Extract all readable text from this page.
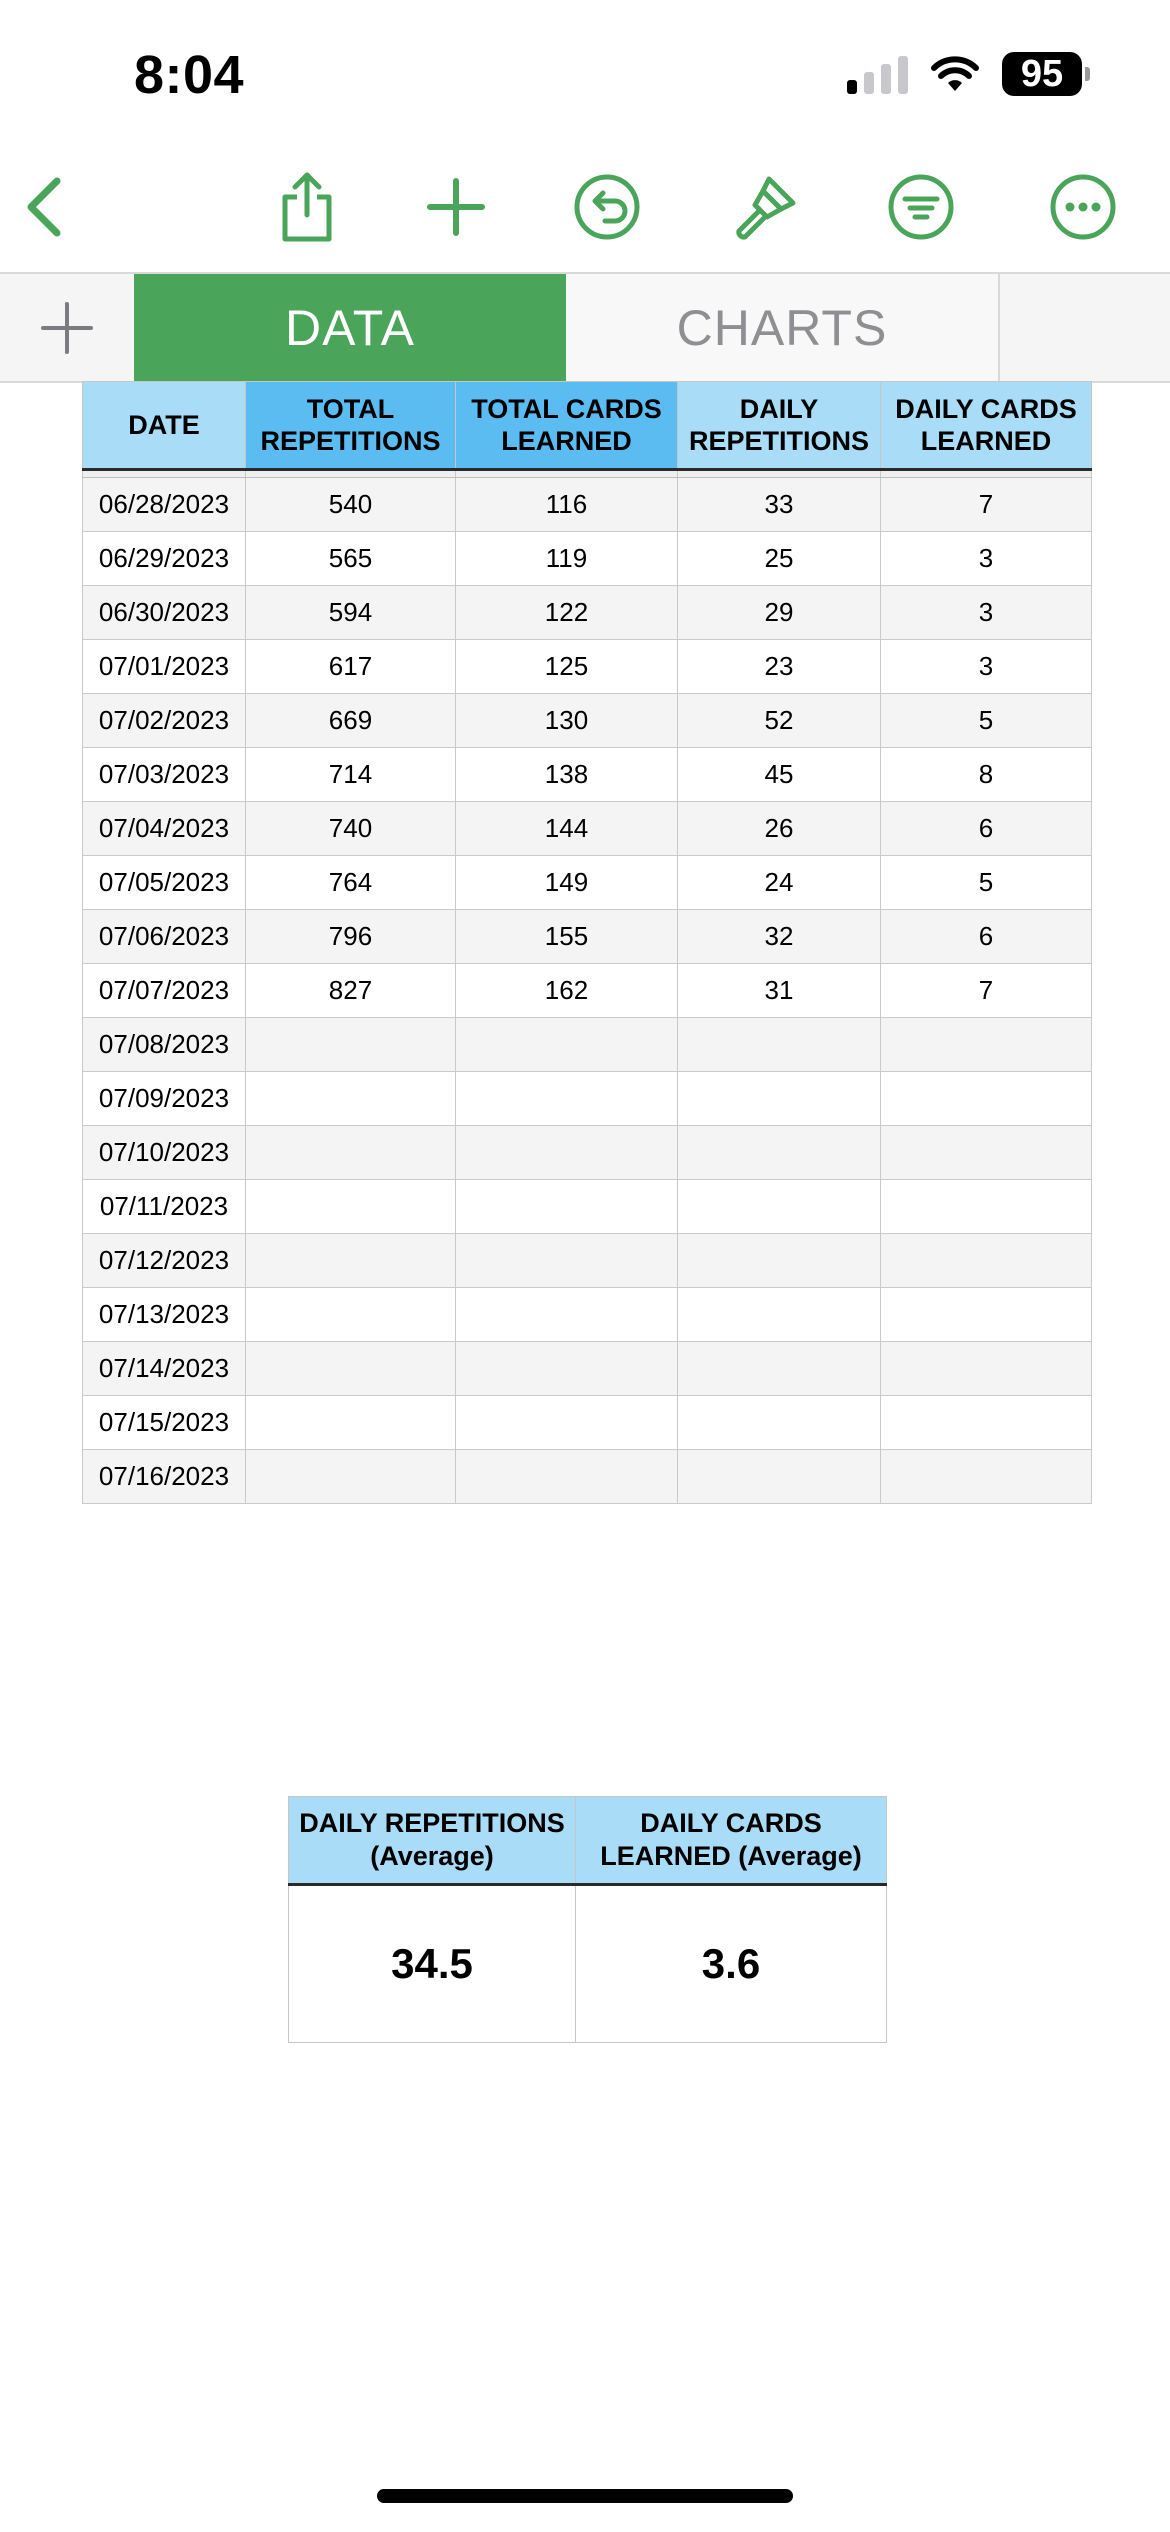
8:04	95
DATA	CHARTS
DATE	TOTAL REPETITIONS	TOTAL CARDS LEARNED	DAILY REPETITIONS	DAILY CARDS LEARNED

06/28/2023	540	116	33	7
06/29/2023	565	119	25	3
06/30/2023	594	122	29	3
07/01/2023	617	125	23	3
07/02/2023	669	130	52	5
07/03/2023	714	138	45	8
07/04/2023	740	144	26	6
07/05/2023	764	149	24	5
07/06/2023	796	155	32	6
07/07/2023	827	162	31	7
07/08/2023				
07/09/2023				
07/10/2023				
07/11/2023				
07/12/2023				
07/13/2023				
07/14/2023				
07/15/2023				
07/16/2023				
DAILY REPETITIONS (Average)	DAILY CARDS LEARNED (Average)
34.5	3.6
